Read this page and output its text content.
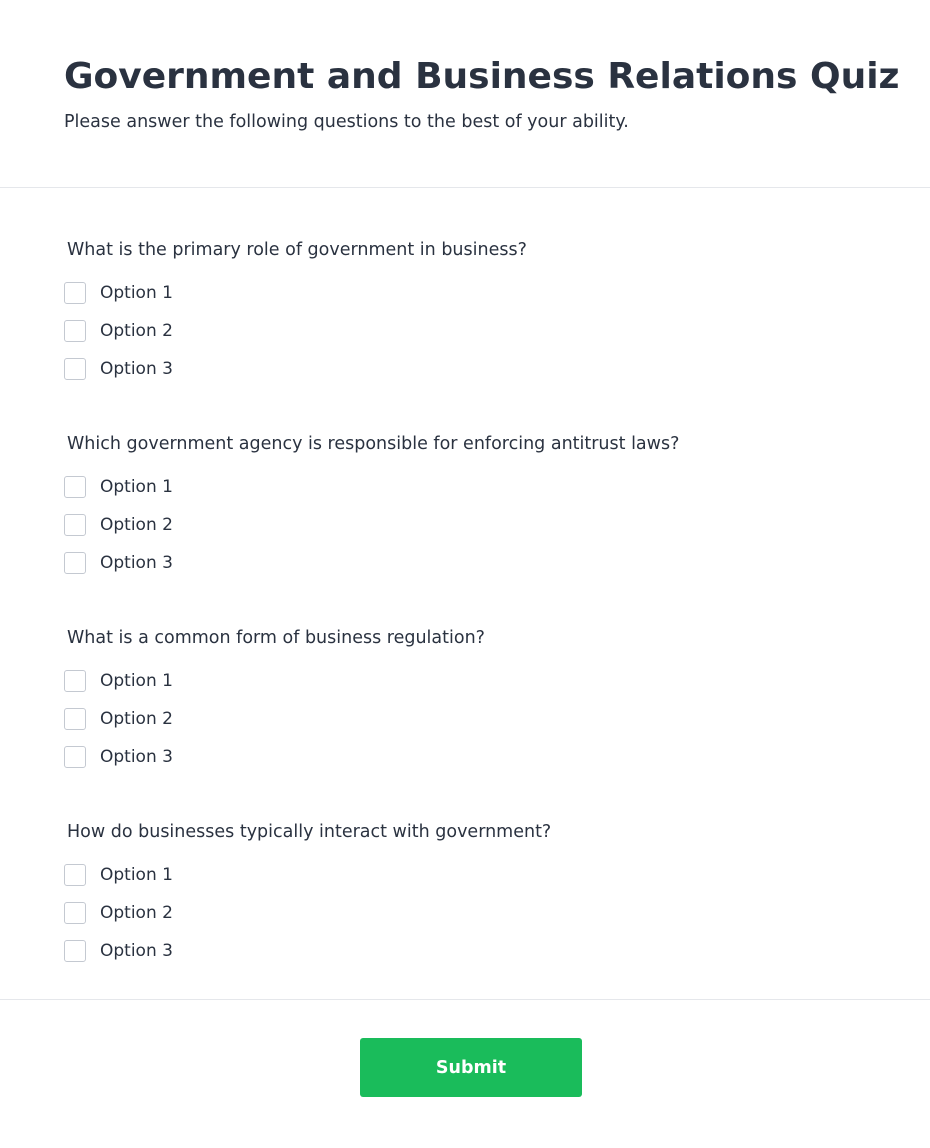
Government and Business Relations Quiz

Please answer the following questions to the best of your ability.

What is the primary role of government in business?

Option 1
Option 2
Option 3

Which government agency is responsible for enforcing antitrust laws?

Option 1
Option 2
Option 3

What is a common form of business regulation?

Option 1
Option 2
Option 3

How do businesses typically interact with government?

Option 1
Option 2
Option 3
Submit
